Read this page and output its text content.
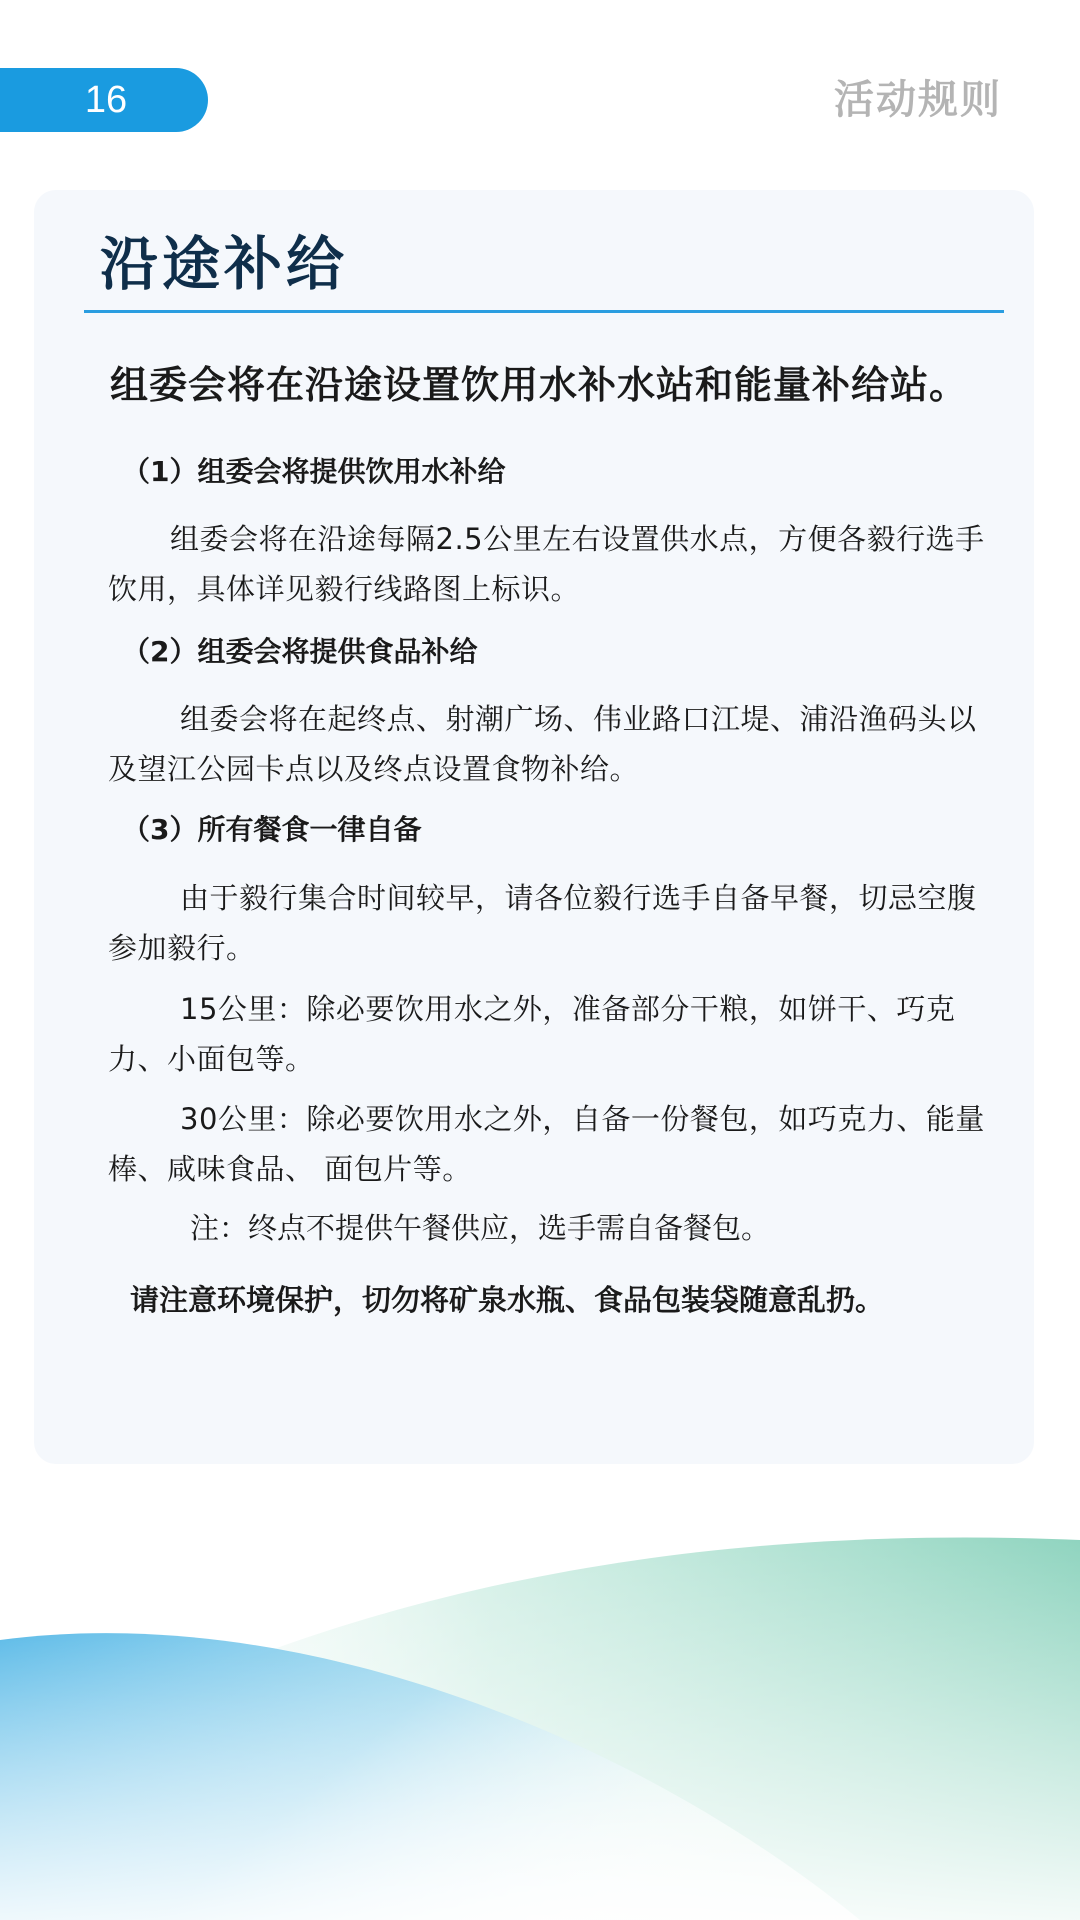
16	活动规则
沿途补给

组委会将在沿途设置饮用水补水站和能量补给站。

（1）组委会将提供饮用水补给

组委会将在沿途每隔2.5公里左右设置供水点，方便各毅行选手饮用，具体详见毅行线路图上标识。

（2）组委会将提供食品补给

组委会将在起终点、射潮广场、伟业路口江堤、浦沿渔码头以及望江公园卡点以及终点设置食物补给。

（3）所有餐食一律自备

由于毅行集合时间较早，请各位毅行选手自备早餐，切忌空腹参加毅行。

15公里：除必要饮用水之外，准备部分干粮，如饼干、巧克力、小面包等。

30公里：除必要饮用水之外，自备一份餐包，如巧克力、能量棒、咸味食品、 面包片等。

注：终点不提供午餐供应，选手需自备餐包。

请注意环境保护，切勿将矿泉水瓶、食品包装袋随意乱扔。
